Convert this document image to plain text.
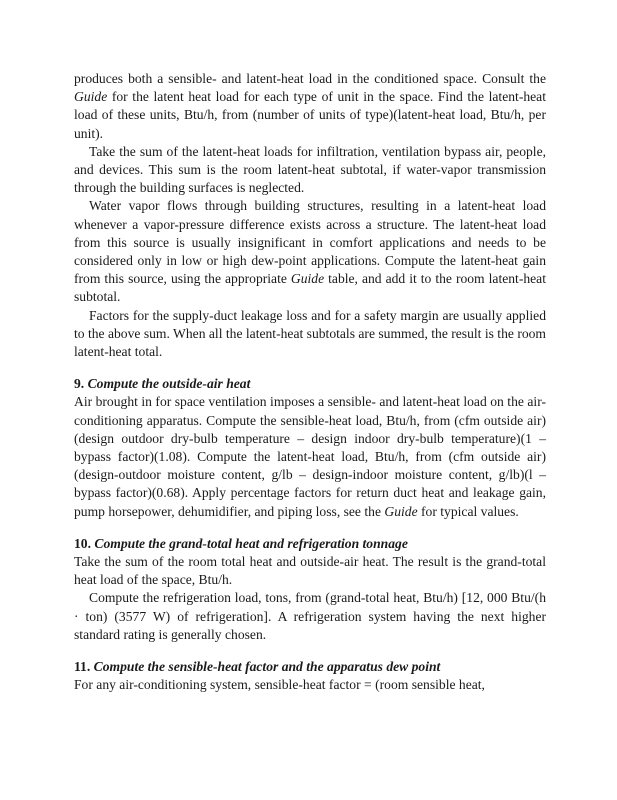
produces both a sensible- and latent-heat load in the conditioned space. Consult the Guide for the latent heat load for each type of unit in the space. Find the latent-heat load of these units, Btu/h, from (number of units of type)(latent-heat load, Btu/h, per unit).

Take the sum of the latent-heat loads for infiltration, ventilation bypass air, people, and devices. This sum is the room latent-heat subtotal, if water-vapor transmission through the building surfaces is neglected.

Water vapor flows through building structures, resulting in a latent-heat load whenever a vapor-pressure difference exists across a structure. The latent-heat load from this source is usually insignificant in comfort applications and needs to be considered only in low or high dew-point applications. Compute the latent-heat gain from this source, using the appropriate Guide table, and add it to the room latent-heat subtotal.

Factors for the supply-duct leakage loss and for a safety margin are usually applied to the above sum. When all the latent-heat subtotals are summed, the result is the room latent-heat total.

9. Compute the outside-air heat

Air brought in for space ventilation imposes a sensible- and latent-heat load on the air-conditioning apparatus. Compute the sensible-heat load, Btu/h, from (cfm outside air)(design outdoor dry-bulb temperature – design indoor dry-bulb temperature)(1 – bypass factor)(1.08). Compute the latent-heat load, Btu/h, from (cfm outside air) (design-outdoor moisture content, g/lb – design-indoor moisture content, g/lb)(l – bypass factor)(0.68). Apply percentage factors for return duct heat and leakage gain, pump horsepower, dehumidifier, and piping loss, see the Guide for typical values.

10. Compute the grand-total heat and refrigeration tonnage

Take the sum of the room total heat and outside-air heat. The result is the grand-total heat load of the space, Btu/h.

Compute the refrigeration load, tons, from (grand-total heat, Btu/h) [12, 000 Btu/(h · ton) (3577 W) of refrigeration]. A refrigeration system having the next higher standard rating is generally chosen.

11. Compute the sensible-heat factor and the apparatus dew point

For any air-conditioning system, sensible-heat factor = (room sensible heat,
